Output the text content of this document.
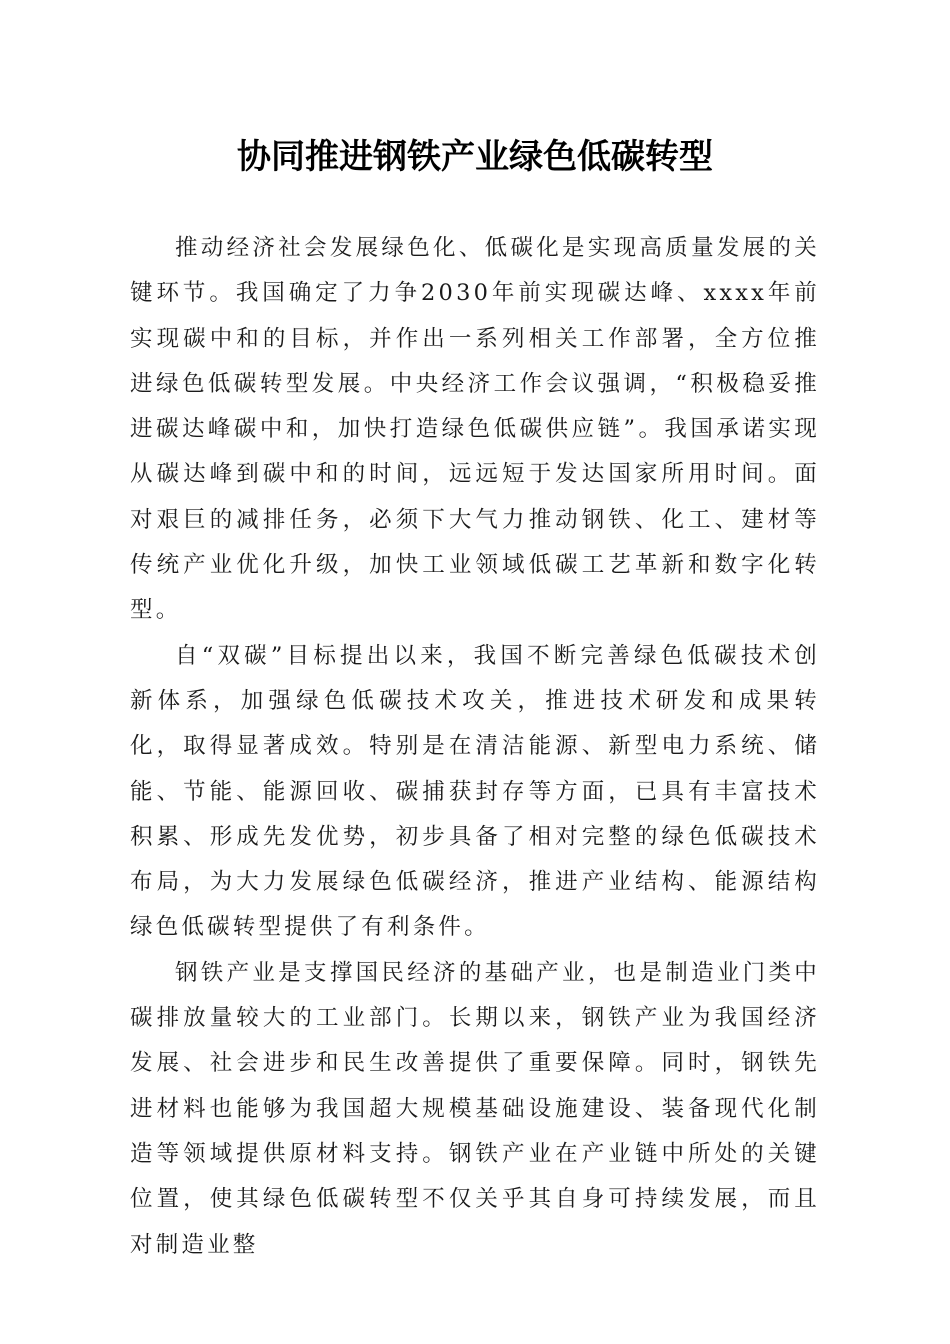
协同推进钢铁产业绿色低碳转型

推动经济社会发展绿色化、低碳化是实现高质量发展的关键环节。我国确定了力争2030年前实现碳达峰、xxxx年前实现碳中和的目标，并作出一系列相关工作部署，全方位推进绿色低碳转型发展。中央经济工作会议强调，“积极稳妥推进碳达峰碳中和，加快打造绿色低碳供应链”。我国承诺实现从碳达峰到碳中和的时间，远远短于发达国家所用时间。面对艰巨的减排任务，必须下大气力推动钢铁、化工、建材等传统产业优化升级，加快工业领域低碳工艺革新和数字化转型。

自“双碳”目标提出以来，我国不断完善绿色低碳技术创新体系，加强绿色低碳技术攻关，推进技术研发和成果转化，取得显著成效。特别是在清洁能源、新型电力系统、储能、节能、能源回收、碳捕获封存等方面，已具有丰富技术积累、形成先发优势，初步具备了相对完整的绿色低碳技术布局，为大力发展绿色低碳经济，推进产业结构、能源结构绿色低碳转型提供了有利条件。

钢铁产业是支撑国民经济的基础产业，也是制造业门类中碳排放量较大的工业部门。长期以来，钢铁产业为我国经济发展、社会进步和民生改善提供了重要保障。同时，钢铁先进材料也能够为我国超大规模基础设施建设、装备现代化制造等领域提供原材料支持。钢铁产业在产业链中所处的关键位置，使其绿色低碳转型不仅关乎其自身可持续发展，而且对制造业整
